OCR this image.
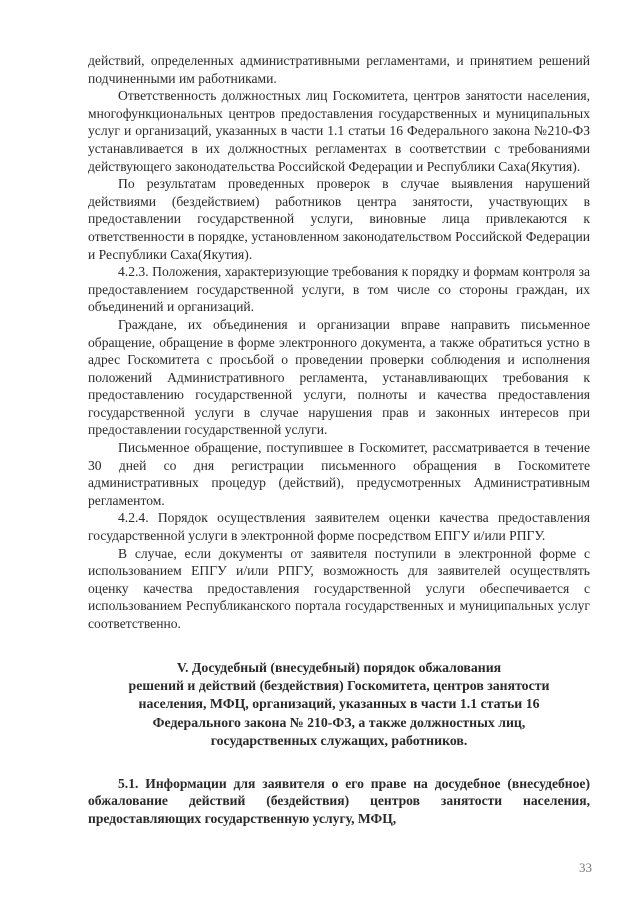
действий, определенных административными регламентами, и принятием решений подчиненными им работниками.

Ответственность должностных лиц Госкомитета, центров занятости населения, многофункциональных центров предоставления государственных и муниципальных услуг и организаций, указанных в части 1.1 статьи 16 Федерального закона №210-ФЗ устанавливается в их должностных регламентах в соответствии с требованиями действующего законодательства Российской Федерации и Республики Саха(Якутия).

По результатам проведенных проверок в случае выявления нарушений действиями (бездействием) работников центра занятости, участвующих в предоставлении государственной услуги, виновные лица привлекаются к ответственности в порядке, установленном законодательством Российской Федерации и Республики Саха(Якутия).

4.2.3. Положения, характеризующие требования к порядку и формам контроля за предоставлением государственной услуги, в том числе со стороны граждан, их объединений и организаций.

Граждане, их объединения и организации вправе направить письменное обращение, обращение в форме электронного документа, а также обратиться устно в адрес Госкомитета с просьбой о проведении проверки соблюдения и исполнения положений Административного регламента, устанавливающих требования к предоставлению государственной услуги, полноты и качества предоставления государственной услуги в случае нарушения прав и законных интересов при предоставлении государственной услуги.

Письменное обращение, поступившее в Госкомитет, рассматривается в течение 30 дней со дня регистрации письменного обращения в Госкомитете административных процедур (действий), предусмотренных Административным регламентом.

4.2.4. Порядок осуществления заявителем оценки качества предоставления государственной услуги в электронной форме посредством ЕПГУ и/или РПГУ.

В случае, если документы от заявителя поступили в электронной форме с использованием ЕПГУ и/или РПГУ, возможность для заявителей осуществлять оценку качества предоставления государственной услуги обеспечивается с использованием Республиканского портала государственных и муниципальных услуг соответственно.

V. Досудебный (внесудебный) порядок обжалования
решений и действий (бездействия) Госкомитета, центров занятости
населения, МФЦ, организаций, указанных в части 1.1 статьи 16
Федерального закона № 210-ФЗ, а также должностных лиц,
государственных служащих, работников.

5.1. Информации для заявителя о его праве на досудебное (внесудебное) обжалование действий (бездействия) центров занятости населения, предоставляющих государственную услугу, МФЦ,

33
